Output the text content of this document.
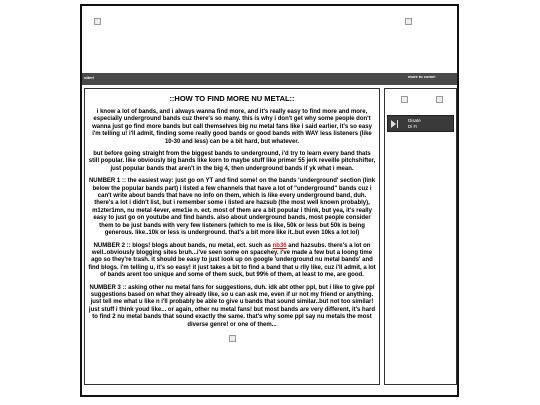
otter!	more to come!
::HOW TO FIND MORE NU METAL::

i know a lot of bands, and i always wanna find more, and it's really easy to find more and more, especially underground bands cuz there's so many. this is why i don't get why some people don't wanna just go find more bands but call themselves big nu metal fans like i said earlier, it's so easy i'm telling u! i'll admit, finding some really good bands or good bands with WAY less listeners (like 10-30 and less) can be a bit hard, but whatever.

but before going straight from the biggest bands to underground, i'd try to learn every band thats still popular. like obviously big bands like korn to maybe stuff like primer 55 jerk reveille pitchshifter, just popular bands that aren't in the big 4, then underground bands if yk what i mean.

NUMBER 1 :: the easiest way: just go on YT and find some! on the bands 'underground' section (link below the popular bands part) i listed a few channels that have a lot of "underground" bands cuz i can't write about bands that have no info on them, which is like every underground band, duh. there's a lot i didn't list, but i remember some i listed are hazsub (the most well known probably), m1zter1mn, nu metal 4ever, eme1ie n. ect. most of them are a bit popular i think, but yea, it's really easy to just go on youtube and find bands. also about underground bands, most people consider them to be just bands with very few listeners (which to me is like, 50k or less but 50k is being generous. like..10k or less is underground. that's a bit more like it..but even 10ks a lot lol)

NUMBER 2 :: blogs! blogs about bands, nu metal, ect. such as nb36 and hazsubs. there's a lot on well..obviously blogging sites bruh...i've seen some on spacehey. i've made a few but a loong time ago so they're trash. it should be easy to just look up on google 'underground nu metal bands' and find blogs. i'm telling u, it's so easy! it just takes a bit to find a band that u rlly like, cuz i'll admit, a lot of bands arent too unique and some of them suck, but 99% of them, at least to me, are good.

NUMBER 3 :: asking other nu metal fans for suggestions, duh. idk abt other ppl, but i like to give ppl suggestions based on what they already like, so u can ask me, even if ur not my friend or anything. just tell me what u like n i'll probably be able to give u bands that sound similar..but not too similar! just stuff i think youd like... or again, other nu metal fans! but most bands are very different, it's hard to find 2 nu metal bands that sound exactly the same. that's why some ppl say nu metals the most diverse genre! or one of them...

Disate
Di Fi
